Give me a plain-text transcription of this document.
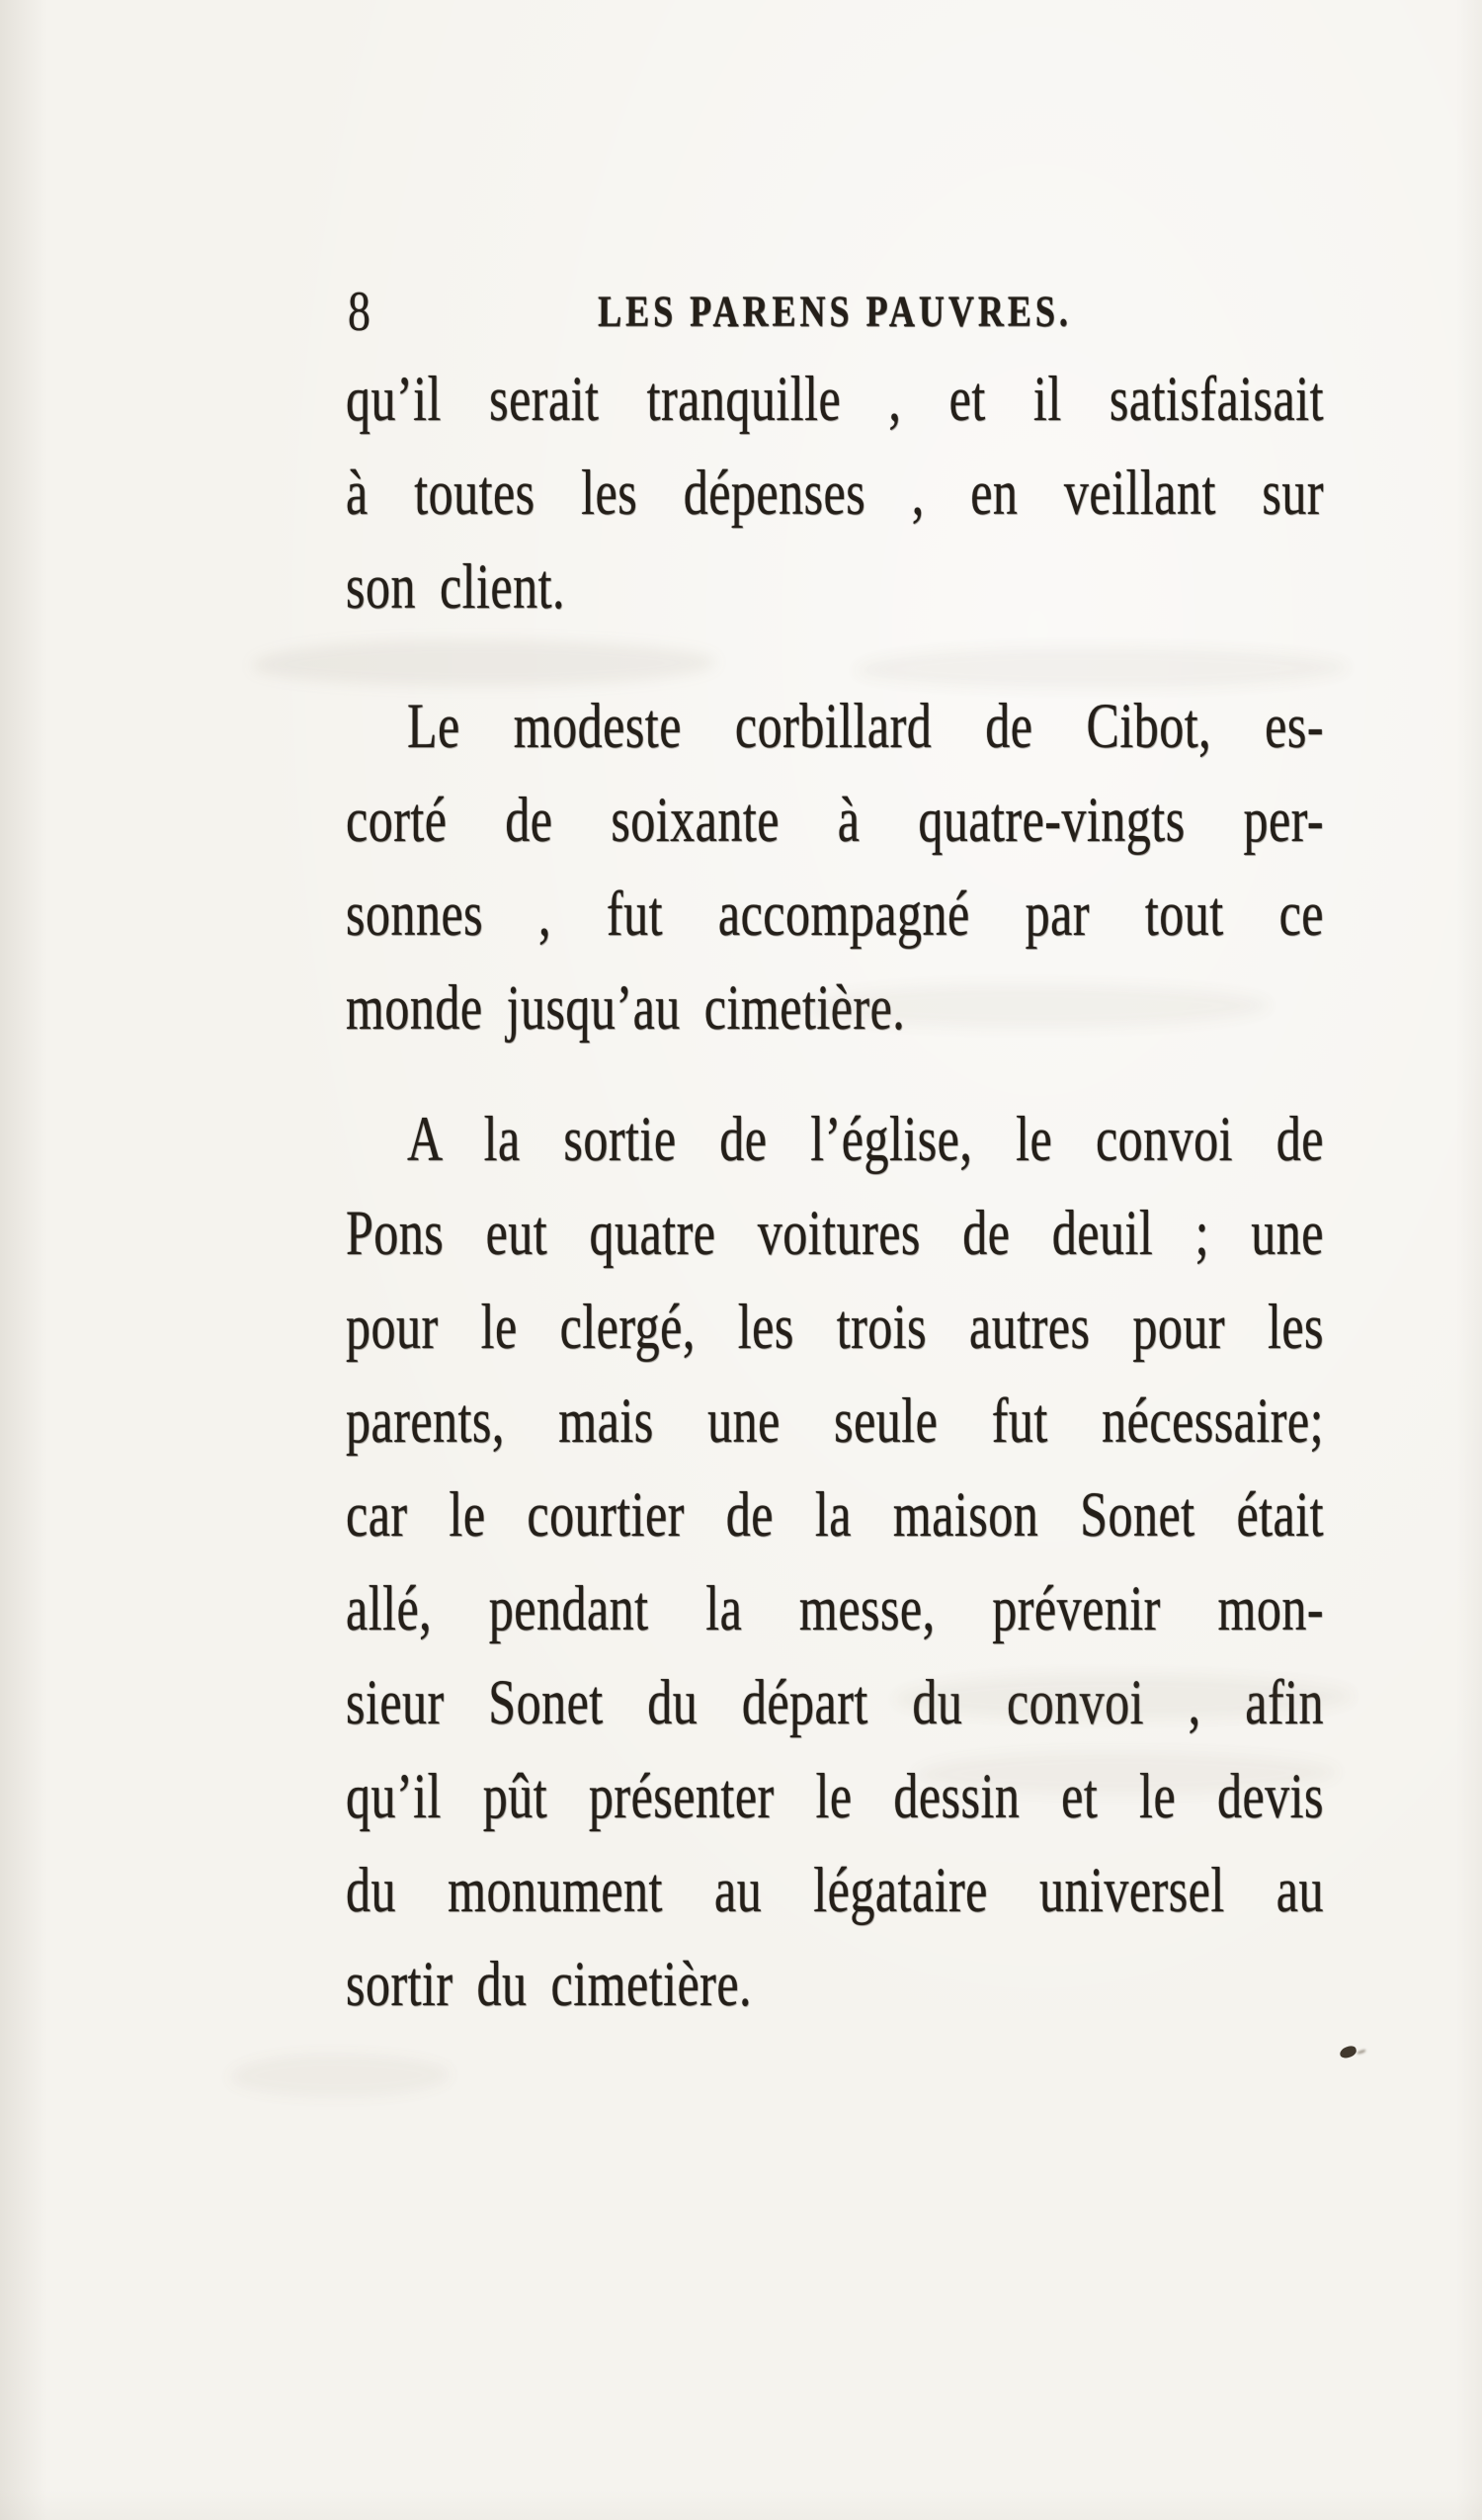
8	LES PARENS PAUVRES.
qu’il serait tranquille , et il satisfaisait
à toutes les dépenses , en veillant sur
son client.
Le modeste corbillard de Cibot, es-
corté de soixante à quatre-vingts per-
sonnes , fut accompagné par tout ce
monde jusqu’au cimetière.
A la sortie de l’église, le convoi de
Pons eut quatre voitures de deuil ; une
pour le clergé, les trois autres pour les
parents, mais une seule fut nécessaire;
car le courtier de la maison Sonet était
allé, pendant la messe, prévenir mon-
sieur Sonet du départ du convoi , afin
qu’il pût présenter le dessin et le devis
du monument au légataire universel au
sortir du cimetière.
